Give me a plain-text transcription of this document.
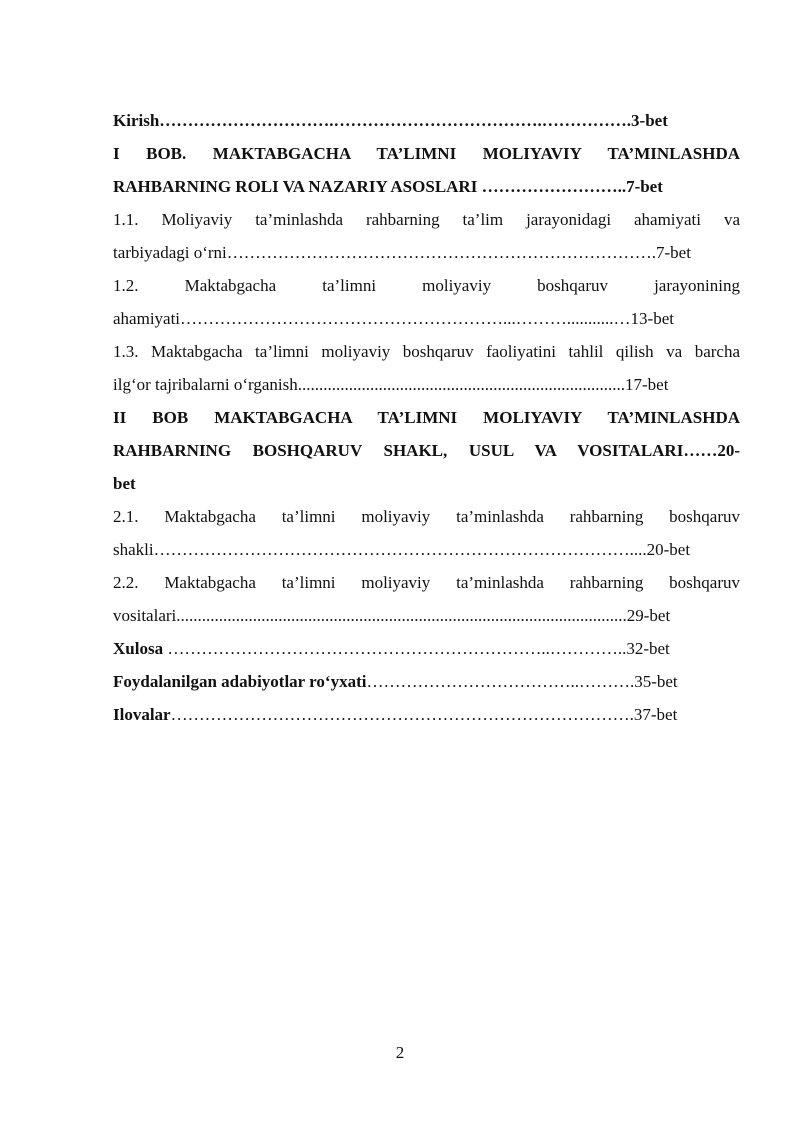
Kirish………………………….……………………………….…………….3-bet
I BOB. MAKTABGACHA TA’LIMNI MOLIYAVIY TA’MINLASHDA
RAHBARNING ROLI VA NAZARIY ASOSLARI ……………………..7-bet
1.1. Moliyaviy ta’minlashda rahbarning ta’lim jarayonidagi ahamiyati va
tarbiyadagi o‘rni………………………………………………………………….7-bet
1.2. Maktabgacha ta’limni moliyaviy boshqaruv jarayonining
ahamiyati…………………………………………………...………...........…13-bet
1.3. Maktabgacha ta’limni moliyaviy boshqaruv faoliyatini tahlil qilish va barcha
ilg‘or tajribalarni o‘rganish.............................................................................17-bet
II BOB MAKTABGACHA TA’LIMNI MOLIYAVIY TA’MINLASHDA
RAHBARNING BOSHQARUV SHAKL, USUL VA VOSITALARI……20-
bet
2.1. Maktabgacha ta’limni moliyaviy ta’minlashda rahbarning boshqaruv
shakli…………………………………………………………………………....20-bet
2.2. Maktabgacha ta’limni moliyaviy ta’minlashda rahbarning boshqaruv
vositalari..........................................................................................................29-bet
Xulosa …………………………………………………………..…………..32-bet
Foydalanilgan adabiyotlar ro‘yxati………………………………..……….35-bet
Ilovalar……………………………………………………………………….37-bet
2
